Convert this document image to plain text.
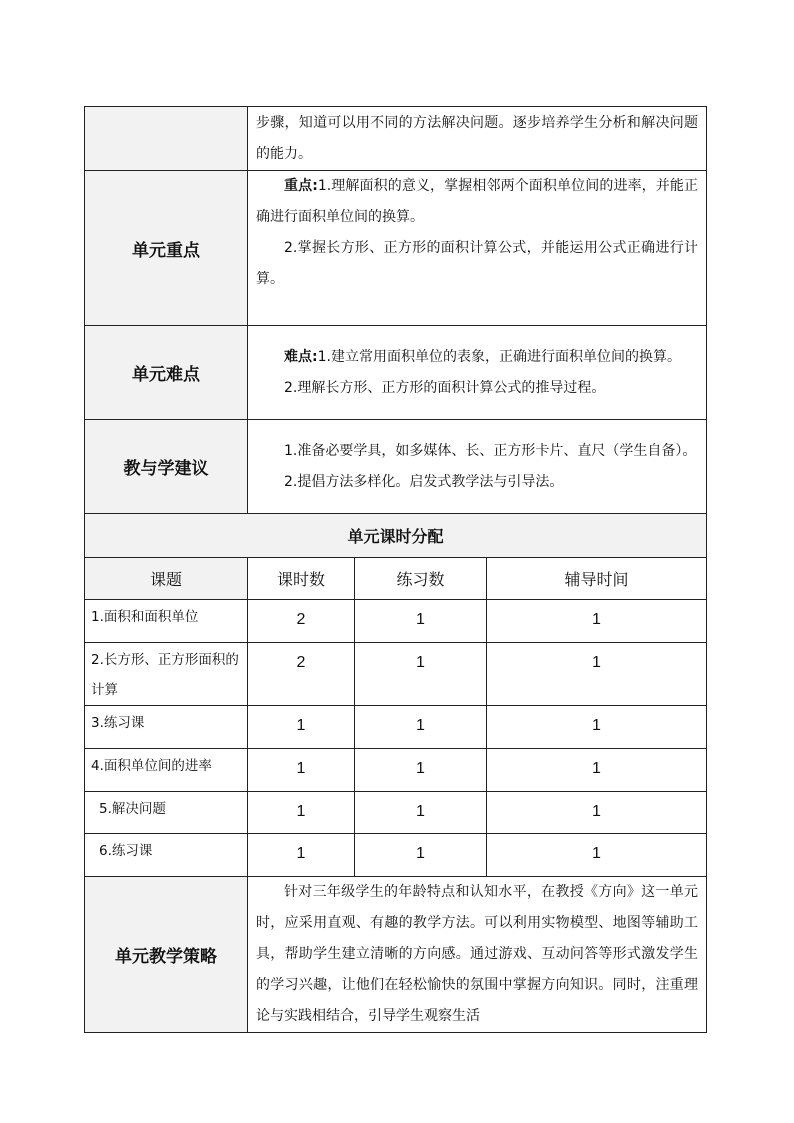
	步骤，知道可以用不同的方法解决问题。逐步培养学生分析和解决问题的能力。		
单元重点	重点:1.理解面积的意义，掌握相邻两个面积单位间的进率，并能正确进行面积单位间的换算。
2.掌握长方形、正方形的面积计算公式，并能运用公式正确进行计算。		

单元难点	难点:1.建立常用面积单位的表象，正确进行面积单位间的换算。
2.理解长方形、正方形的面积计算公式的推导过程。		

教与学建议	1.准备必要学具，如多媒体、长、正方形卡片、直尺（学生自备）。
2.提倡方法多样化。启发式教学法与引导法。		

单元课时分配			
课题	课时数	练习数	辅导时间
1.面积和面积单位	2	1	1
2.长方形、正方形面积的计算	2	1	1
3.练习课	1	1	1
4.面积单位间的进率	1	1	1
5.解决问题	1	1	1
6.练习课	1	1	1
单元教学策略	针对三年级学生的年龄特点和认知水平，在教授《方向》这一单元时，应采用直观、有趣的教学方法。可以利用实物模型、地图等辅助工具，帮助学生建立清晰的方向感。通过游戏、互动问答等形式激发学生的学习兴趣，让他们在轻松愉快的氛围中掌握方向知识。同时，注重理论与实践相结合，引导学生观察生活		
